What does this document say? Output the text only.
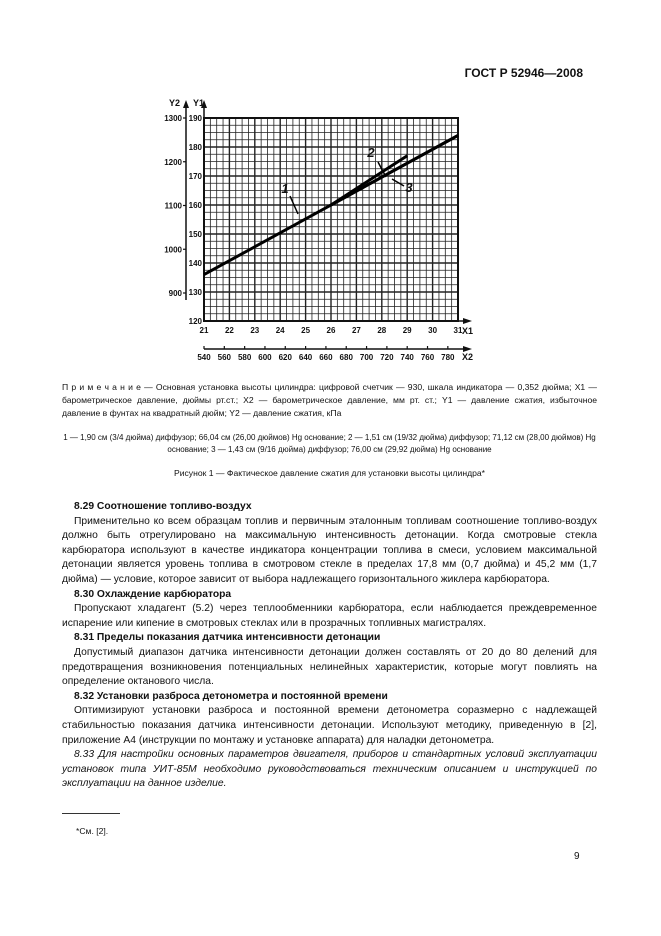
ГОСТ Р 52946—2008
120
130
140
150
160
170
180
190
900
1000
1100
1200
1300
21 22 23 24 25 26 27 28 29 30 31
540 560 580 600 620 640 660 680 700 720 740 760 780
Y2 Y1
X1
X2
1
2
3
П р и м е ч а н и е — Основная установка высоты цилиндра: цифровой счетчик — 930, шкала индикатора — 0,352 дюйма; X1 — барометрическое давление, дюймы рт.ст.; X2 — барометрическое давление, мм рт. ст.; Y1 — давление сжатия, избыточное давление в фунтах на квадратный дюйм; Y2 — давление сжатия, кПа
1 — 1,90 см (3/4 дюйма) диффузор; 66,04 см (26,00 дюймов) Hg основание; 2 — 1,51 см (19/32 дюйма) диффузор; 71,12 см (28,00 дюймов) Hg основание; 3 — 1,43 см (9/16 дюйма) диффузор; 76,00 см (29,92 дюйма) Hg основание
Рисунок 1 — Фактическое давление сжатия для установки высоты цилиндра*

8.29 Соотношение топливо-воздух

Применительно ко всем образцам топлив и первичным эталонным топливам соотношение топливо-воздух должно быть отрегулировано на максимальную интенсивность детонации. Когда смотровые стекла карбюратора используют в качестве индикатора концентрации топлива в смеси, условием максимальной детонации является уровень топлива в смотровом стекле в пределах 17,8 мм (0,7 дюйма) и 45,2 мм (1,7 дюйма) — условие, которое зависит от выбора надлежащего горизонтального жиклера карбюратора.

8.30 Охлаждение карбюратора

Пропускают хладагент (5.2) через теплообменники карбюратора, если наблюдается преждевременное испарение или кипение в смотровых стеклах или в прозрачных топливных магистралях.

8.31 Пределы показания датчика интенсивности детонации

Допустимый диапазон датчика интенсивности детонации должен составлять от 20 до 80 делений для предотвращения возникновения потенциальных нелинейных характеристик, которые могут повлиять на определение октанового числа.

8.32 Установки разброса детонометра и постоянной времени

Оптимизируют установки разброса и постоянной времени детонометра соразмерно с надлежащей стабильностью показания датчика интенсивности детонации. Используют методику, приведенную в [2], приложение А4 (инструкции по монтажу и установке аппарата) для наладки детонометра.

8.33 Для настройки основных параметров двигателя, приборов и стандартных условий эксплуатации установок типа УИТ-85М необходимо руководствоваться техническим описанием и инструкцией по эксплуатации на данное изделие.

*См. [2].
9
